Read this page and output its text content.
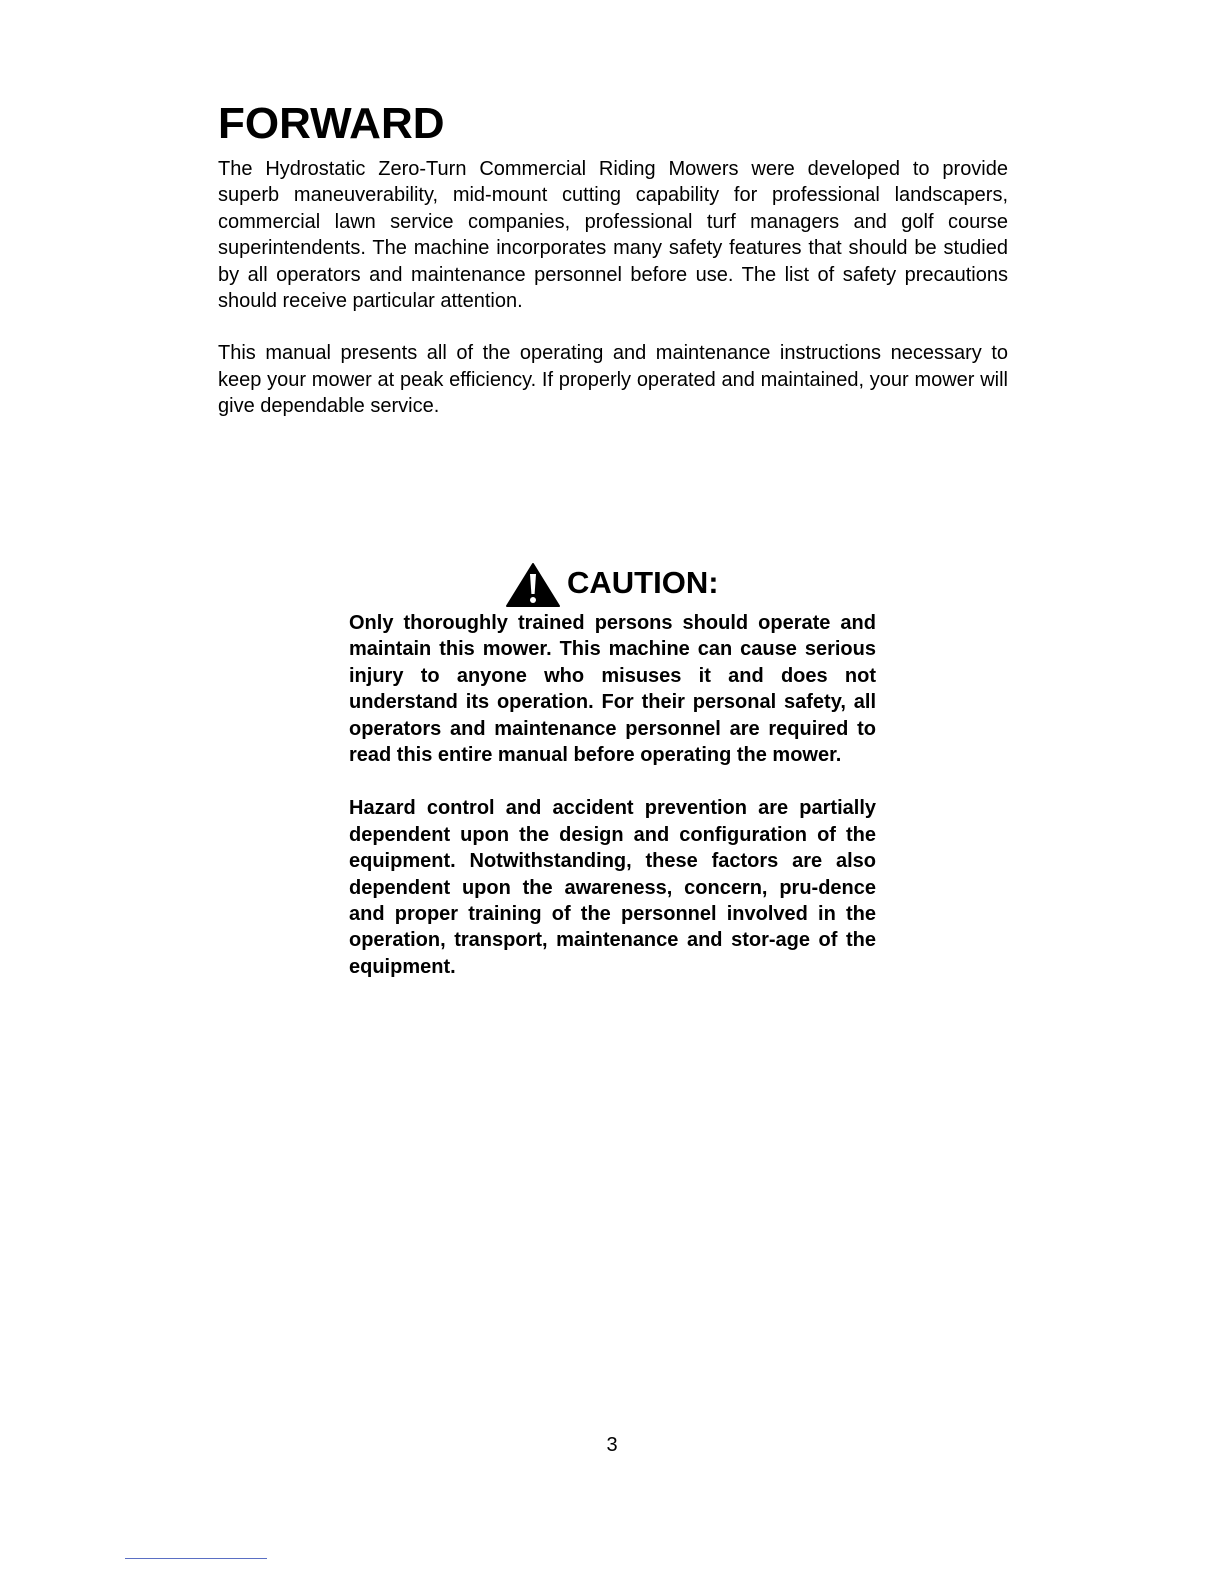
FORWARD

The Hydrostatic Zero-Turn Commercial Riding Mowers were developed to provide superb maneuverability, mid-mount cutting capability for professional landscapers, commercial lawn service companies, professional turf managers and golf course superintendents. The machine incorporates many safety features that should be studied by all operators and maintenance personnel before use. The list of safety precautions should receive particular attention.

This manual presents all of the operating and maintenance instructions necessary to keep your mower at peak efficiency. If properly operated and maintained, your mower will give dependable service.

CAUTION:

Only thoroughly trained persons should operate and maintain this mower. This machine can cause serious injury to anyone who misuses it and does not understand its operation. For their personal safety, all operators and maintenance personnel are required to read this entire manual before operating the mower.

Hazard control and accident prevention are partially dependent upon the design and configuration of the equipment. Notwithstanding, these factors are also dependent upon the awareness, concern, pru-dence and proper training of the personnel involved in the operation, transport, maintenance and stor-age of the equipment.

3
